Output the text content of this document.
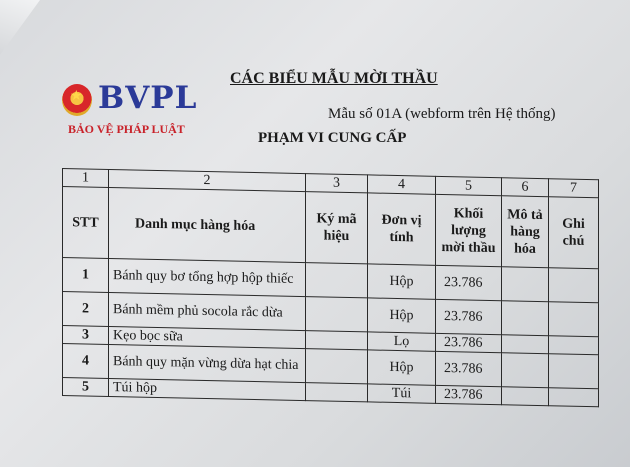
★ BVPL
BẢO VỆ PHÁP LUẬT
CÁC BIỂU MẪU MỜI THẦU
Mẫu số 01A (webform trên Hệ thống)
PHẠM VI CUNG CẤP
1	2	3	4	5	6	7
STT	Danh mục hàng hóa	Ký mã hiệu	Đơn vị tính	Khối lượng mời thầu	Mô tả hàng hóa	Ghi chú
1	Bánh quy bơ tổng hợp hộp thiếc		Hộp	23.786		
2	Bánh mềm phủ socola rắc dừa		Hộp	23.786		
3	Kẹo bọc sữa		Lọ	23.786		
4	Bánh quy mặn vừng dừa hạt chia		Hộp	23.786		
5	Túi hộp		Túi	23.786		
